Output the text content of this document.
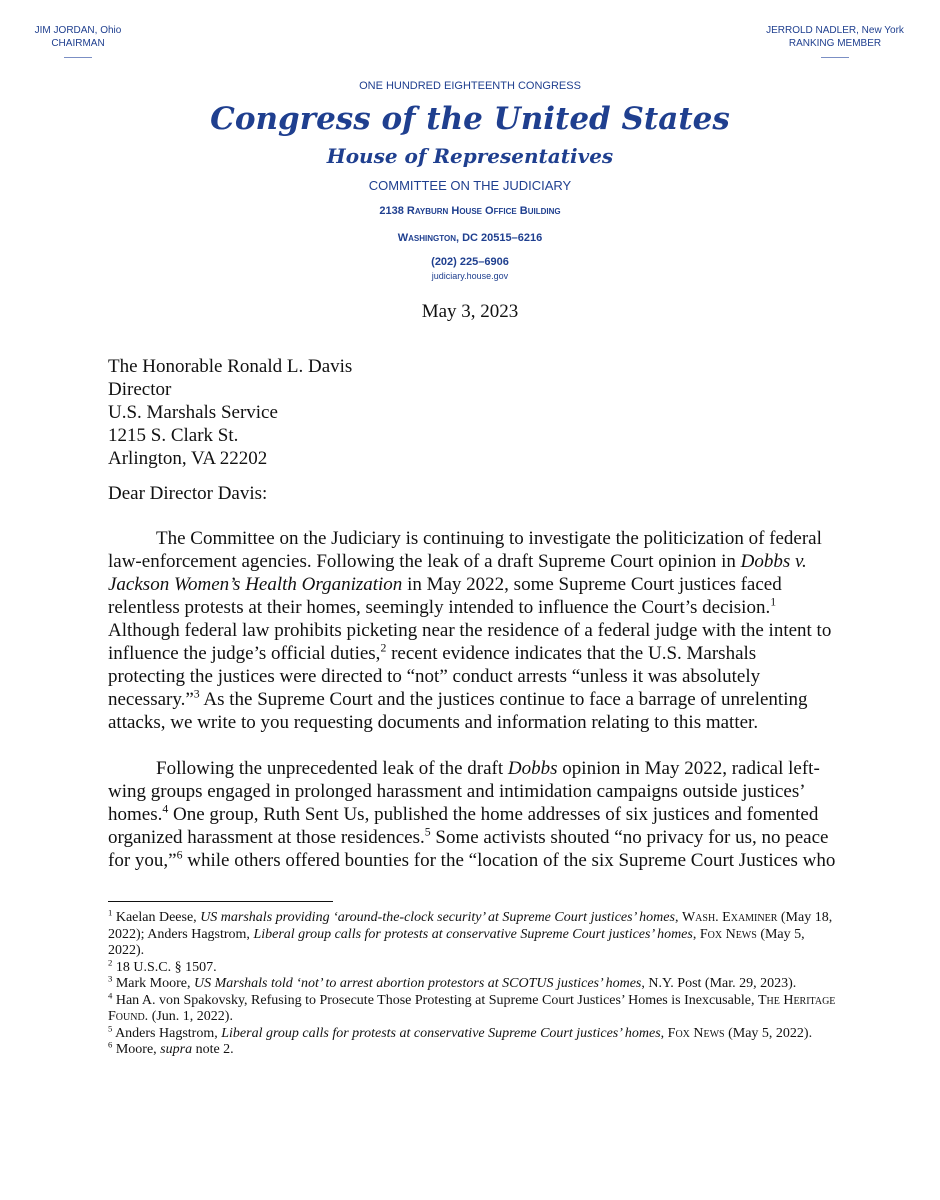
JIM JORDAN, Ohio
CHAIRMAN
JERROLD NADLER, New York
RANKING MEMBER
ONE HUNDRED EIGHTEENTH CONGRESS
Congress of the United States
House of Representatives
COMMITTEE ON THE JUDICIARY
2138 Rayburn House Office Building
Washington, DC 20515–6216
(202) 225–6906
judiciary.house.gov
May 3, 2023
The Honorable Ronald L. Davis
Director
U.S. Marshals Service
1215 S. Clark St.
Arlington, VA 22202
Dear Director Davis:

The Committee on the Judiciary is continuing to investigate the politicization of federal law-enforcement agencies. Following the leak of a draft Supreme Court opinion in Dobbs v. Jackson Women’s Health Organization in May 2022, some Supreme Court justices faced relentless protests at their homes, seemingly intended to influence the Court’s decision.$^1$ Although federal law prohibits picketing near the residence of a federal judge with the intent to influence the judge’s official duties,$^2$ recent evidence indicates that the U.S. Marshals protecting the justices were directed to “not” conduct arrests “unless it was absolutely necessary.”$^3$ As the Supreme Court and the justices continue to face a barrage of unrelenting attacks, we write to you requesting documents and information relating to this matter.

Following the unprecedented leak of the draft Dobbs opinion in May 2022, radical left-wing groups engaged in prolonged harassment and intimidation campaigns outside justices’ homes.$^4$ One group, Ruth Sent Us, published the home addresses of six justices and fomented organized harassment at those residences.$^5$ Some activists shouted “no privacy for us, no peace for you,”$^6$ while others offered bounties for the “location of the six Supreme Court Justices who

$^1$ Kaelan Deese, US marshals providing ‘around-the-clock security’ at Supreme Court justices’ homes, Wash. Examiner (May 18, 2022); Anders Hagstrom, Liberal group calls for protests at conservative Supreme Court justices’ homes, Fox News (May 5, 2022).

$^2$ 18 U.S.C. § 1507.

$^3$ Mark Moore, US Marshals told ‘not’ to arrest abortion protestors at SCOTUS justices’ homes, N.Y. Post (Mar. 29, 2023).

$^4$ Han A. von Spakovsky, Refusing to Prosecute Those Protesting at Supreme Court Justices’ Homes is Inexcusable, The Heritage Found. (Jun. 1, 2022).

$^5$ Anders Hagstrom, Liberal group calls for protests at conservative Supreme Court justices’ homes, Fox News (May 5, 2022).

$^6$ Moore, supra note 2.
